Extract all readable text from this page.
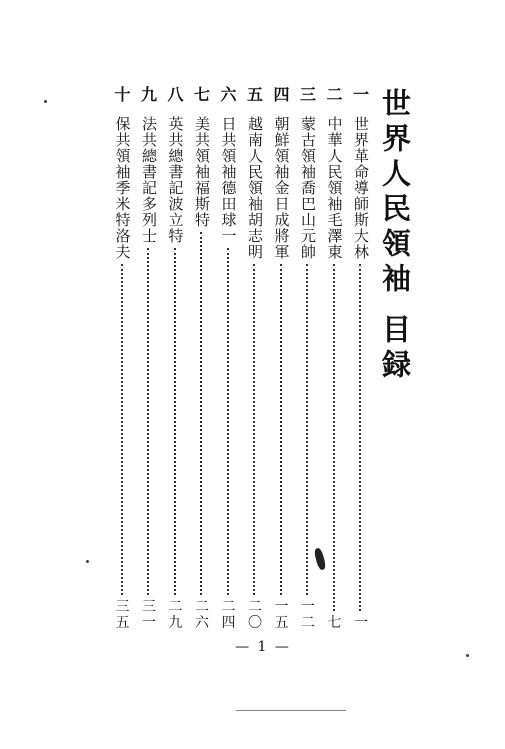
世界人民領袖 目録
一
世界革命導師斯大林
一
二
中華人民領袖毛澤東
七
三
蒙古領袖喬巴山元帥
一二
四
朝鮮領袖金日成將軍
一五
五
越南人民領袖胡志明
二〇
六
日共領袖德田球一
二四
七
美共領袖福斯特
二六
八
英共總書記波立特
二九
九
法共總書記多列士
三一
十
保共領袖季米特洛夫
三五
— 1 —
